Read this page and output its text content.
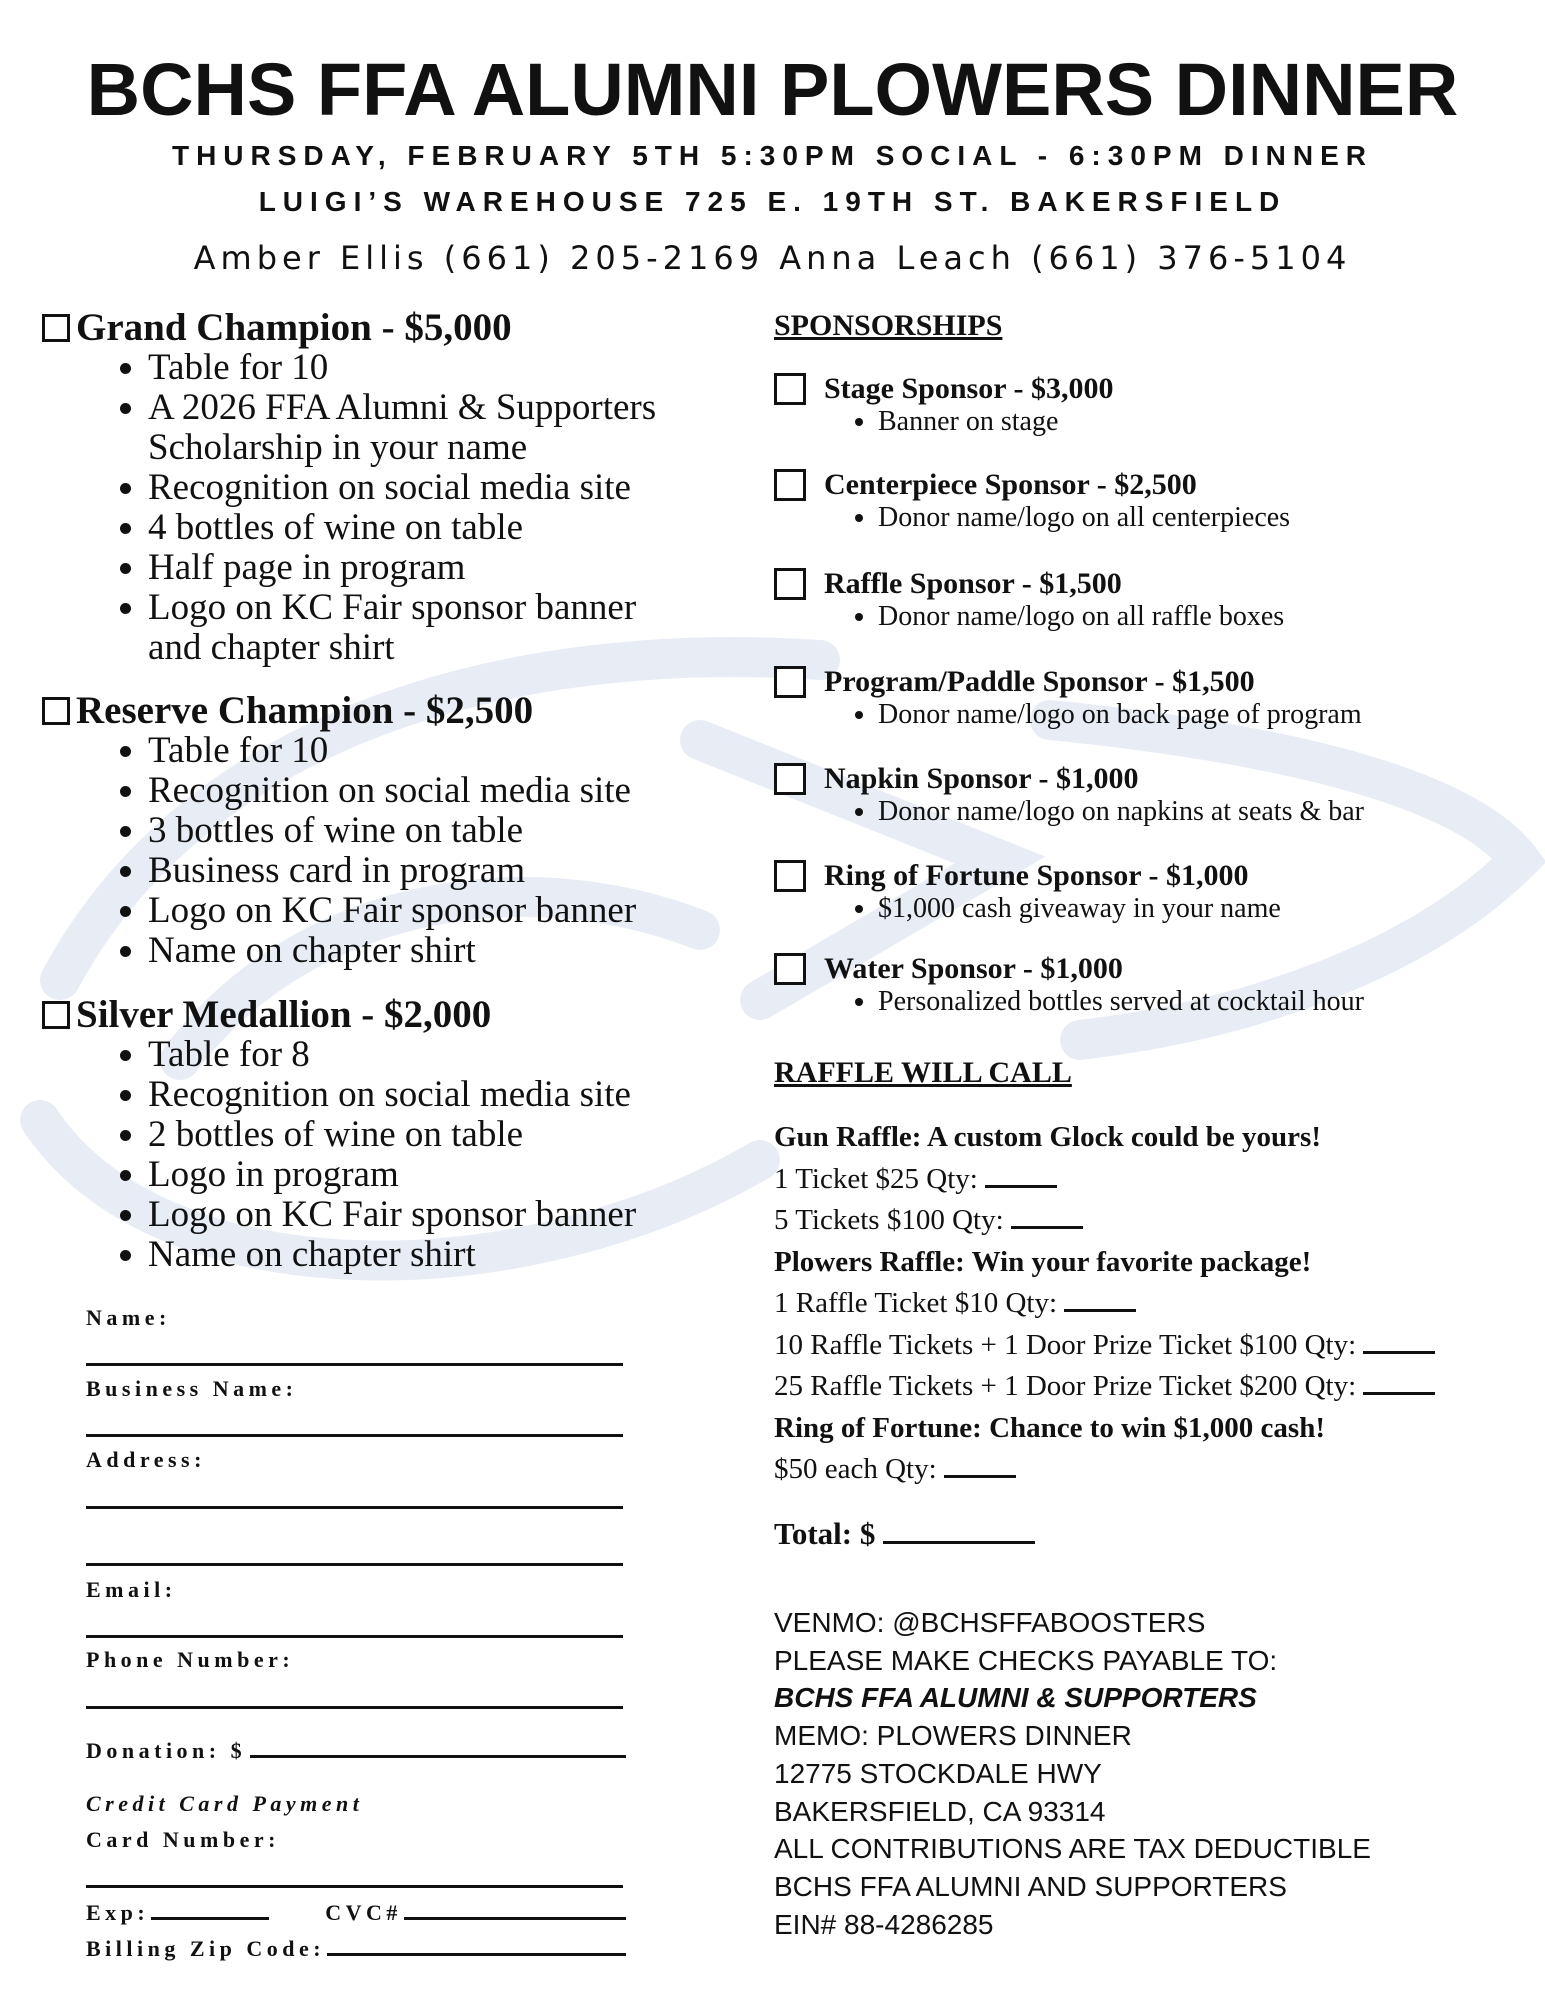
BCHS FFA ALUMNI PLOWERS DINNER
THURSDAY, FEBRUARY 5TH 5:30PM SOCIAL - 6:30PM DINNER
LUIGI’S WAREHOUSE 725 E. 19TH ST. BAKERSFIELD
Amber Ellis (661) 205-2169 Anna Leach (661) 376-5104
Grand Champion - $5,000
• Table for 10
• A 2026 FFA Alumni & Supporters Scholarship in your name
• Recognition on social media site
• 4 bottles of wine on table
• Half page in program
• Logo on KC Fair sponsor banner and chapter shirt
Reserve Champion - $2,500
• Table for 10
• Recognition on social media site
• 3 bottles of wine on table
• Business card in program
• Logo on KC Fair sponsor banner
• Name on chapter shirt
Silver Medallion - $2,000
• Table for 8
• Recognition on social media site
• 2 bottles of wine on table
• Logo in program
• Logo on KC Fair sponsor banner
• Name on chapter shirt
Name:
Business Name:
Address:
Email:
Phone Number:
Donation: $
Credit Card Payment
Card Number:
Exp:	CVC#
Billing Zip Code:
SPONSORSHIPS
Stage Sponsor - $3,000
• Banner on stage
Centerpiece Sponsor - $2,500
• Donor name/logo on all centerpieces
Raffle Sponsor - $1,500
• Donor name/logo on all raffle boxes
Program/Paddle Sponsor - $1,500
• Donor name/logo on back page of program
Napkin Sponsor - $1,000
• Donor name/logo on napkins at seats & bar
Ring of Fortune Sponsor - $1,000
• $1,000 cash giveaway in your name
Water Sponsor - $1,000
• Personalized bottles served at cocktail hour
RAFFLE WILL CALL
Gun Raffle: A custom Glock could be yours!
1 Ticket $25 Qty:
5 Tickets $100 Qty:
Plowers Raffle: Win your favorite package!
1 Raffle Ticket $10 Qty:
10 Raffle Tickets + 1 Door Prize Ticket $100 Qty:
25 Raffle Tickets + 1 Door Prize Ticket $200 Qty:
Ring of Fortune: Chance to win $1,000 cash!
$50 each Qty:
Total: $
VENMO: @BCHSFFABOOSTERS
PLEASE MAKE CHECKS PAYABLE TO:
BCHS FFA ALUMNI & SUPPORTERS
MEMO: PLOWERS DINNER
12775 STOCKDALE HWY
BAKERSFIELD, CA 93314
ALL CONTRIBUTIONS ARE TAX DEDUCTIBLE
BCHS FFA ALUMNI AND SUPPORTERS
EIN# 88-4286285
